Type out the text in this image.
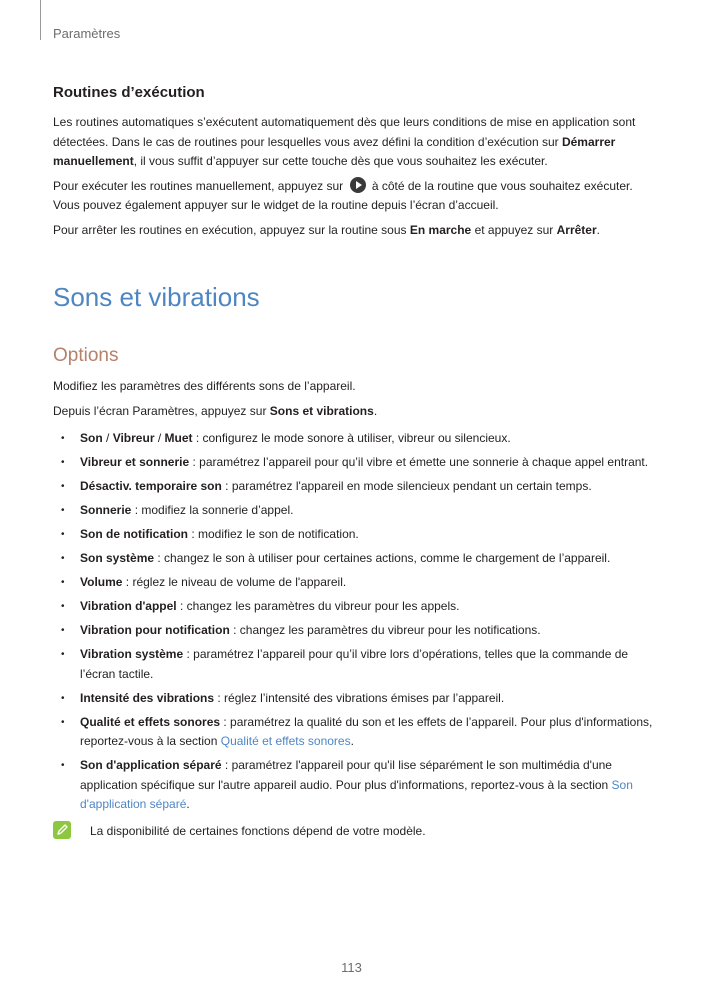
Paramètres
Routines d’exécution

Les routines automatiques s’exécutent automatiquement dès que leurs conditions de mise en application sont détectées. Dans le cas de routines pour lesquelles vous avez défini la condition d’exécution sur Démarrer manuellement, il vous suffit d’appuyer sur cette touche dès que vous souhaitez les exécuter.

Pour exécuter les routines manuellement, appuyez sur  à côté de la routine que vous souhaitez exécuter. Vous pouvez également appuyer sur le widget de la routine depuis l’écran d’accueil.

Pour arrêter les routines en exécution, appuyez sur la routine sous En marche et appuyez sur Arrêter.

Sons et vibrations
Options

Modifiez les paramètres des différents sons de l’appareil.

Depuis l’écran Paramètres, appuyez sur Sons et vibrations.

• Son / Vibreur / Muet : configurez le mode sonore à utiliser, vibreur ou silencieux.
• Vibreur et sonnerie : paramétrez l’appareil pour qu’il vibre et émette une sonnerie à chaque appel entrant.
• Désactiv. temporaire son : paramétrez l'appareil en mode silencieux pendant un certain temps.
• Sonnerie : modifiez la sonnerie d’appel.
• Son de notification : modifiez le son de notification.
• Son système : changez le son à utiliser pour certaines actions, comme le chargement de l’appareil.
• Volume : réglez le niveau de volume de l'appareil.
• Vibration d'appel : changez les paramètres du vibreur pour les appels.
• Vibration pour notification : changez les paramètres du vibreur pour les notifications.
• Vibration système : paramétrez l’appareil pour qu’il vibre lors d’opérations, telles que la commande de l’écran tactile.
• Intensité des vibrations : réglez l’intensité des vibrations émises par l’appareil.
• Qualité et effets sonores : paramétrez la qualité du son et les effets de l’appareil. Pour plus d'informations, reportez-vous à la section Qualité et effets sonores.
• Son d'application séparé : paramétrez l'appareil pour qu'il lise séparément le son multimédia d'une application spécifique sur l'autre appareil audio. Pour plus d'informations, reportez-vous à la section Son d'application séparé.
La disponibilité de certaines fonctions dépend de votre modèle.
113
